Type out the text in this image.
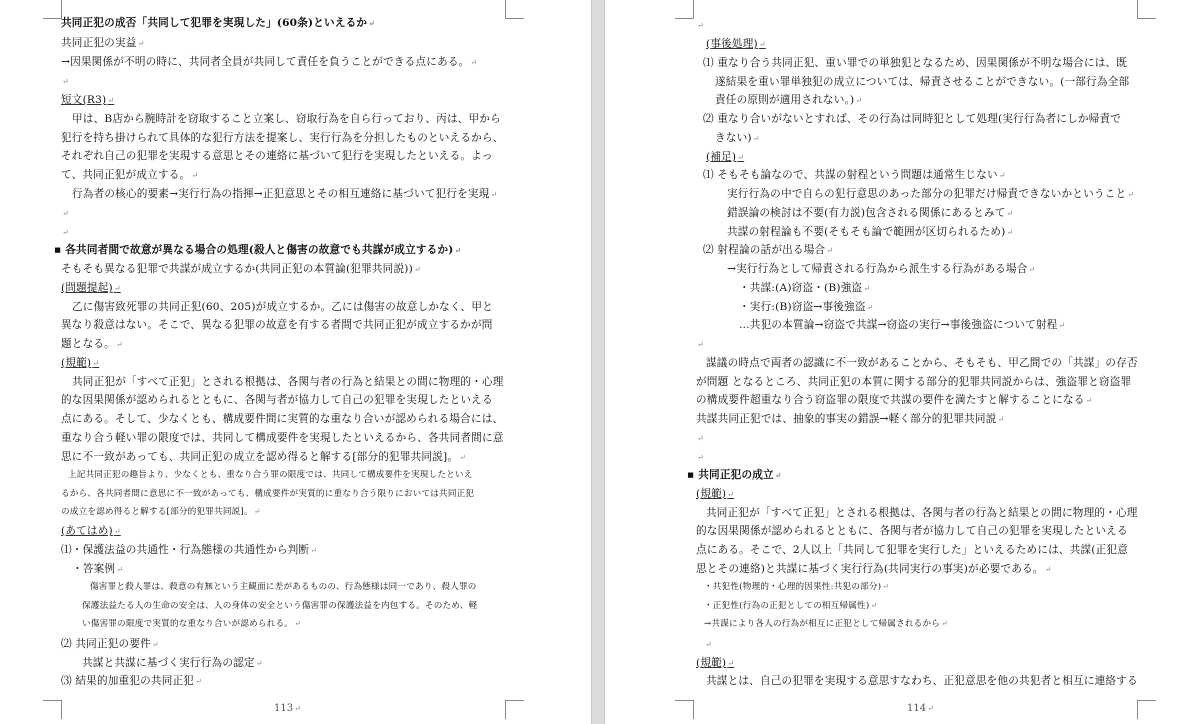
共同正犯の成否「共同して犯罪を実現した」(60条)といえるか↵
共同正犯の実益↵
→因果関係が不明の時に、共同者全員が共同して責任を負うことができる点にある。↵
↵
短文(R3)↵
甲は、B店から腕時計を窃取すること立案し、窃取行為を自ら行っており、丙は、甲から
犯行を持ち掛けられて具体的な犯行方法を提案し、実行行為を分担したものといえるから、
それぞれ自己の犯罪を実現する意思とその連絡に基づいて犯行を実現したといえる。よっ
て、共同正犯が成立する。↵
行為者の核心的要素→実行行為の指揮→正犯意思とその相互連絡に基づいて犯行を実現↵
↵
↵
▪ 各共同者間で故意が異なる場合の処理(殺人と傷害の故意でも共謀が成立するか)↵
そもそも異なる犯罪で共謀が成立するか(共同正犯の本質論(犯罪共同説))↵
(問題提起)↵
乙に傷害致死罪の共同正犯(60、205)が成立するか。乙には傷害の故意しかなく、甲と
異なり殺意はない。そこで、異なる犯罪の故意を有する者間で共同正犯が成立するかが問
題となる。↵
(規範)↵
共同正犯が「すべて正犯」とされる根拠は、各関与者の行為と結果との間に物理的・心理
的な因果関係が認められるとともに、各関与者が協力して自己の犯罪を実現したといえる
点にある。そして、少なくとも、構成要件間に実質的な重なり合いが認められる場合には、
重なり合う軽い罪の限度では、共同して構成要件を実現したといえるから、各共同者間に意
思に不一致があっても、共同正犯の成立を認め得ると解する[部分的犯罪共同説]。↵
上記共同正犯の趣旨より、少なくとも、重なり合う罪の限度では、共同して構成要件を実現したといえ
るから、各共同者間に意思に不一致があっても、構成要件が実質的に重なり合う限りにおいては共同正犯
の成立を認め得ると解する[部分的犯罪共同説]。↵
(あてはめ)↵
⑴・保護法益の共通性・行為態様の共通性から判断↵
・答案例↵
傷害罪と殺人罪は、殺意の有無という主観面に差があるものの、行為態様は同一であり、殺人罪の
保護法益たる人の生命の安全は、人の身体の安全という傷害罪の保護法益を内包する。そのため、軽
い傷害罪の限度で実質的な重なり合いが認められる。↵
⑵ 共同正犯の要件↵
共謀と共謀に基づく実行行為の認定↵
⑶ 結果的加重犯の共同正犯↵
113↵
↵
(事後処理)↵
⑴ 重なり合う共同正犯、重い罪での単独犯となるため、因果関係が不明な場合には、既
遂結果を重い罪単独犯の成立については、帰責させることができない。(一部行為全部
責任の原則が適用されない。)↵
⑵ 重なり合いがないとすれば、その行為は同時犯として処理(実行行為者にしか帰責で
きない)↵
(補足)↵
⑴ そもそも論なので、共謀の射程という問題は通常生じない↵
実行行為の中で自らの犯行意思のあった部分の犯罪だけ帰責できないかということ↵
錯誤論の検討は不要(有力説)包含される関係にあるとみて↵
共謀の射程論も不要(そもそも論で範囲が区切られるため)↵
⑵ 射程論の話が出る場合↵
→実行行為として帰責される行為から派生する行為がある場合↵
・共謀:(A)窃盗・(B)強盗↵
・実行:(B)窃盗→事後強盗↵
…共犯の本質論→窃盗で共謀→窃盗の実行→事後強盗について射程↵
↵
謀議の時点で両者の認識に不一致があることから、そもそも、甲乙間での「共謀」の存否
が問題 となるところ、共同正犯の本質に関する部分的犯罪共同説からは、強盗罪と窃盗罪
の構成要件超重なり合う窃盗罪の限度で共謀の要件を満たすと解することになる↵
共謀共同正犯では、抽象的事実の錯誤→軽く部分的犯罪共同説↵
↵
↵
▪ 共同正犯の成立↵
(規範)↵
共同正犯が「すべて正犯」とされる根拠は、各関与者の行為と結果との間に物理的・心理
的な因果関係が認められるとともに、各関与者が協力して自己の犯罪を実現したといえる
点にある。そこで、2人以上「共同して犯罪を実行した」といえるためには、共謀(正犯意
思とその連絡)と共謀に基づく実行行為(共同実行の事実)が必要である。↵
・共犯性(物理的・心理的因果性:共犯の部分)↵
・正犯性(行為の正犯としての相互帰属性)↵
→共謀により各人の行為が相互に正犯として帰属されるから↵
↵
(規範)↵
共謀とは、自己の犯罪を実現する意思すなわち、正犯意思を他の共犯者と相互に連絡する
114↵
